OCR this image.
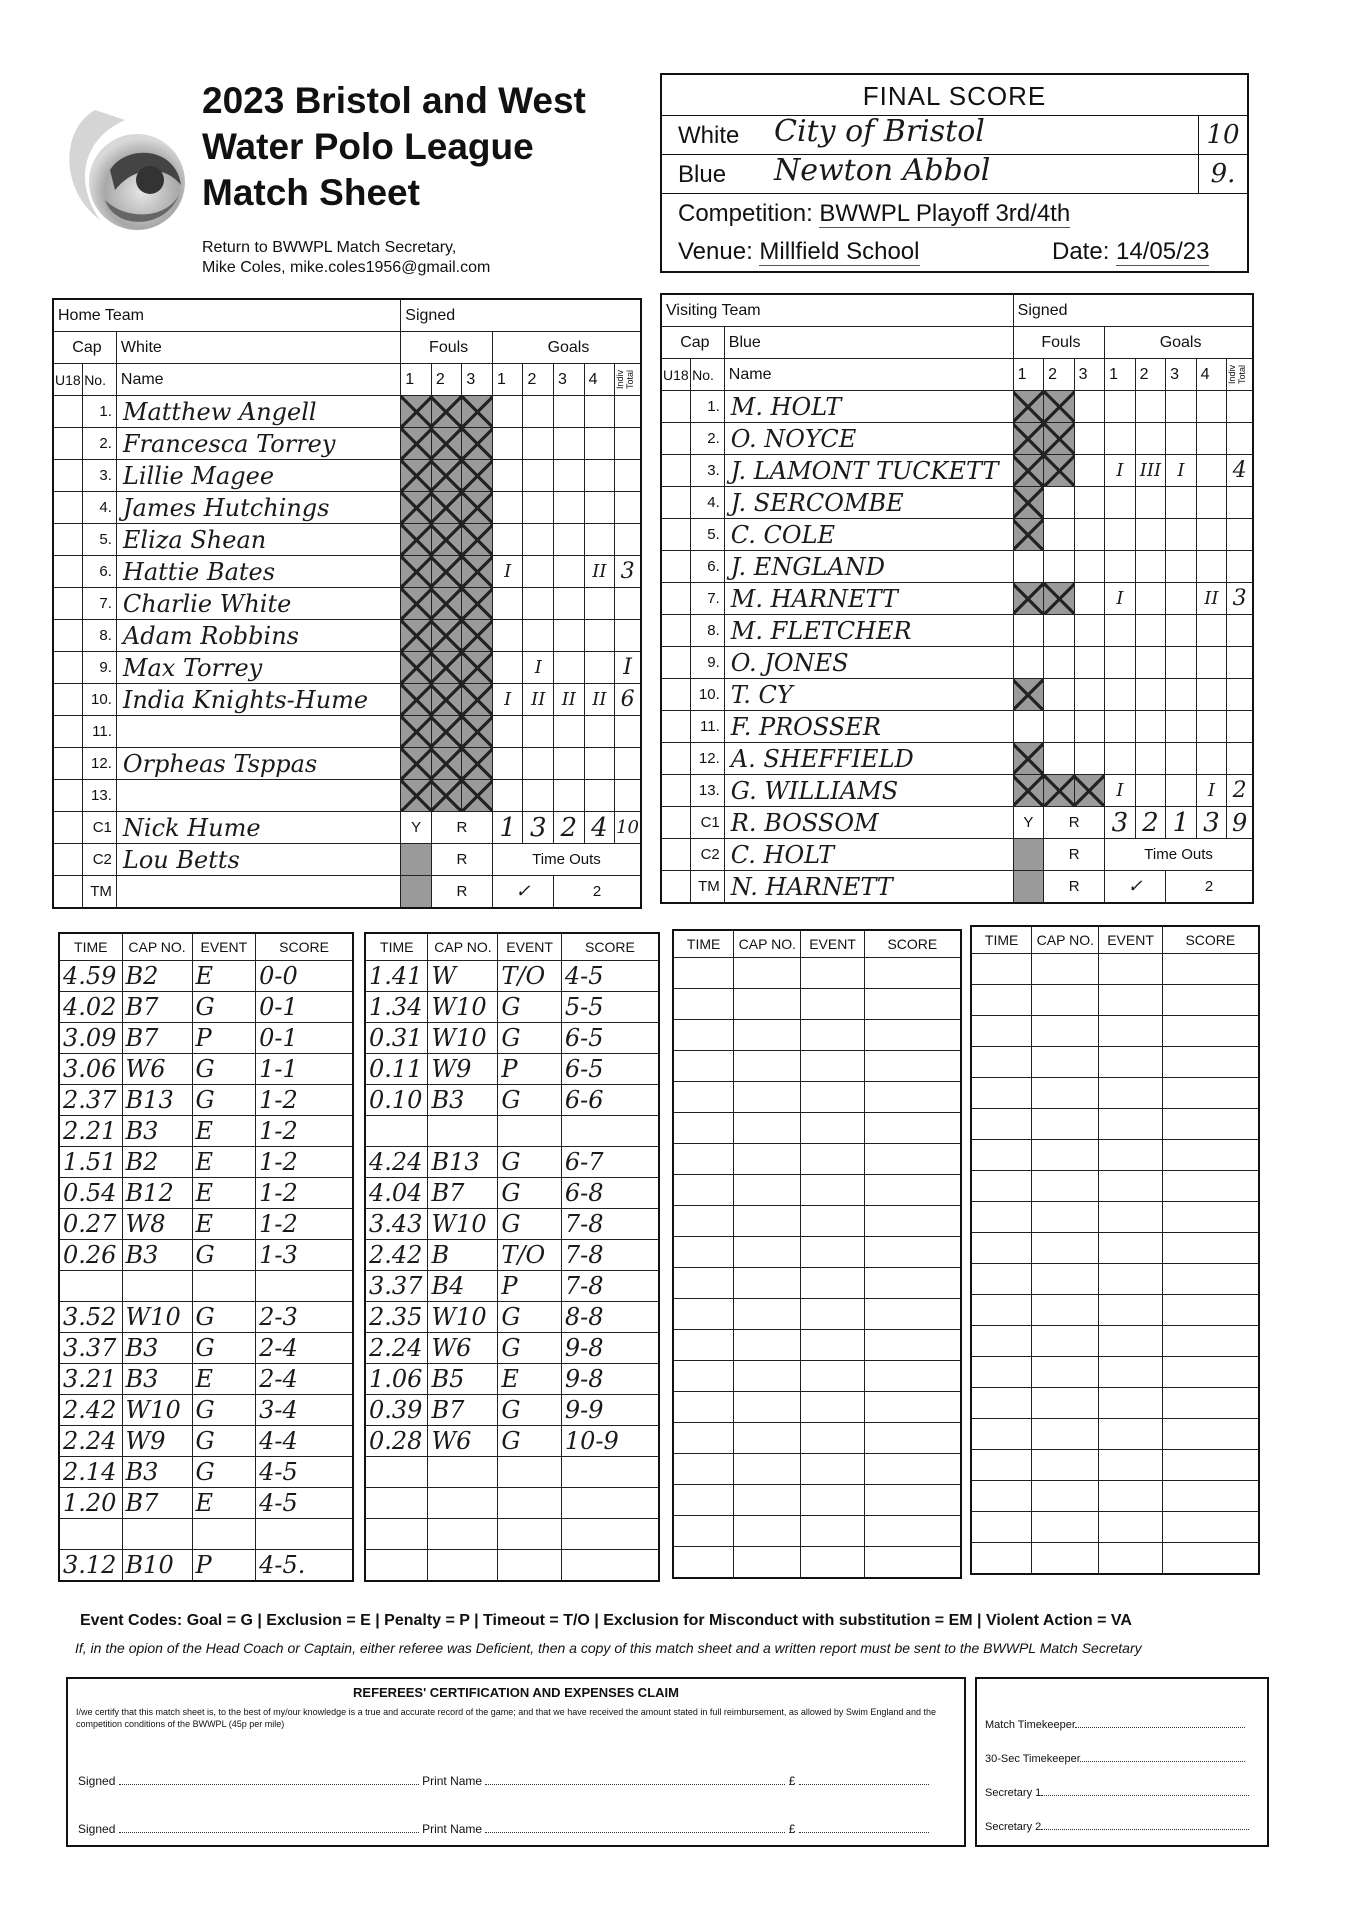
2023 Bristol and West
Water Polo League
Match Sheet
Return to BWWPL Match Secretary,
Mike Coles, mike.coles1956@gmail.com
FINAL SCORE
White City of Bristol	10
Blue Newton Abbol	9.
Competition: BWWPL Playoff 3rd/4th
Venue: Millfield School	Date: 14/05/23
Home Team			Signed							
Cap		White	Fouls			Goals				
U18	No.	Name	1	2	3	1	2	3	4	Indiv Total

	1.	Matthew Angell								
	2.	Francesca Torrey								
	3.	Lillie Magee								
	4.	James Hutchings								
	5.	Eliza Shean								
	6.	Hattie Bates				I			II	3
	7.	Charlie White								
	8.	Adam Robbins								
	9.	Max Torrey					I			I
	10.	India Knights-Hume				I	II	II	II	6
	11.									
	12.	Orpheas Tsppas								
	13.									
	C1	Nick Hume	Y	R		1	3	2	4	10
	C2	Lou Betts		R		Time Outs				
	TM			R		✓		2		
Visiting Team			Signed							
Cap		Blue	Fouls			Goals				
U18	No.	Name	1	2	3	1	2	3	4	Indiv Total

	1.	M. HOLT								
	2.	O. NOYCE								
	3.	J. LAMONT TUCKETT				I	III	I		4
	4.	J. SERCOMBE								
	5.	C. COLE								
	6.	J. ENGLAND								
	7.	M. HARNETT				I			II	3
	8.	M. FLETCHER								
	9.	O. JONES								
	10.	T. CY								
	11.	F. PROSSER								
	12.	A. SHEFFIELD								
	13.	G. WILLIAMS				I			I	2
	C1	R. BOSSOM	Y	R		3	2	1	3	9
	C2	C. HOLT		R		Time Outs				
	TM	N. HARNETT		R		✓		2		
TIME	CAP NO.	EVENT	SCORE
4.59	B2	E	0-0
4.02	B7	G	0-1
3.09	B7	P	0-1
3.06	W6	G	1-1
2.37	B13	G	1-2
2.21	B3	E	1-2
1.51	B2	E	1-2
0.54	B12	E	1-2
0.27	W8	E	1-2
0.26	B3	G	1-3

3.52	W10	G	2-3
3.37	B3	G	2-4
3.21	B3	E	2-4
2.42	W10	G	3-4
2.24	W9	G	4-4
2.14	B3	G	4-5
1.20	B7	E	4-5

3.12	B10	P	4-5.
TIME	CAP NO.	EVENT	SCORE
1.41	W	T/O	4-5
1.34	W10	G	5-5
0.31	W10	G	6-5
0.11	W9	P	6-5
0.10	B3	G	6-6

4.24	B13	G	6-7
4.04	B7	G	6-8
3.43	W10	G	7-8
2.42	B	T/O	7-8
3.37	B4	P	7-8
2.35	W10	G	8-8
2.24	W6	G	9-8
1.06	B5	E	9-8
0.39	B7	G	9-9
0.28	W6	G	10-9

TIME	CAP NO.	EVENT	SCORE

				TIME	CAP NO.	EVENT	SCORE

Event Codes: Goal = G | Exclusion = E | Penalty = P | Timeout = T/O | Exclusion for Misconduct with substitution = EM | Violent Action = VA
If, in the opion of the Head Coach or Captain, either referee was Deficient, then a copy of this match sheet and a written report must be sent to the BWWPL Match Secretary
REFEREES' CERTIFICATION AND EXPENSES CLAIM
I/we certify that this match sheet is, to the best of my/our knowledge is a true and accurate record of the game; and that we have received the amount stated in full reimbursement, as allowed by Swim England and the competition conditions of the BWWPL (45p per mile)
Signed	Print Name	£
Signed	Print Name	£
Match Timekeeper
30-Sec Timekeeper
Secretary 1
Secretary 2
